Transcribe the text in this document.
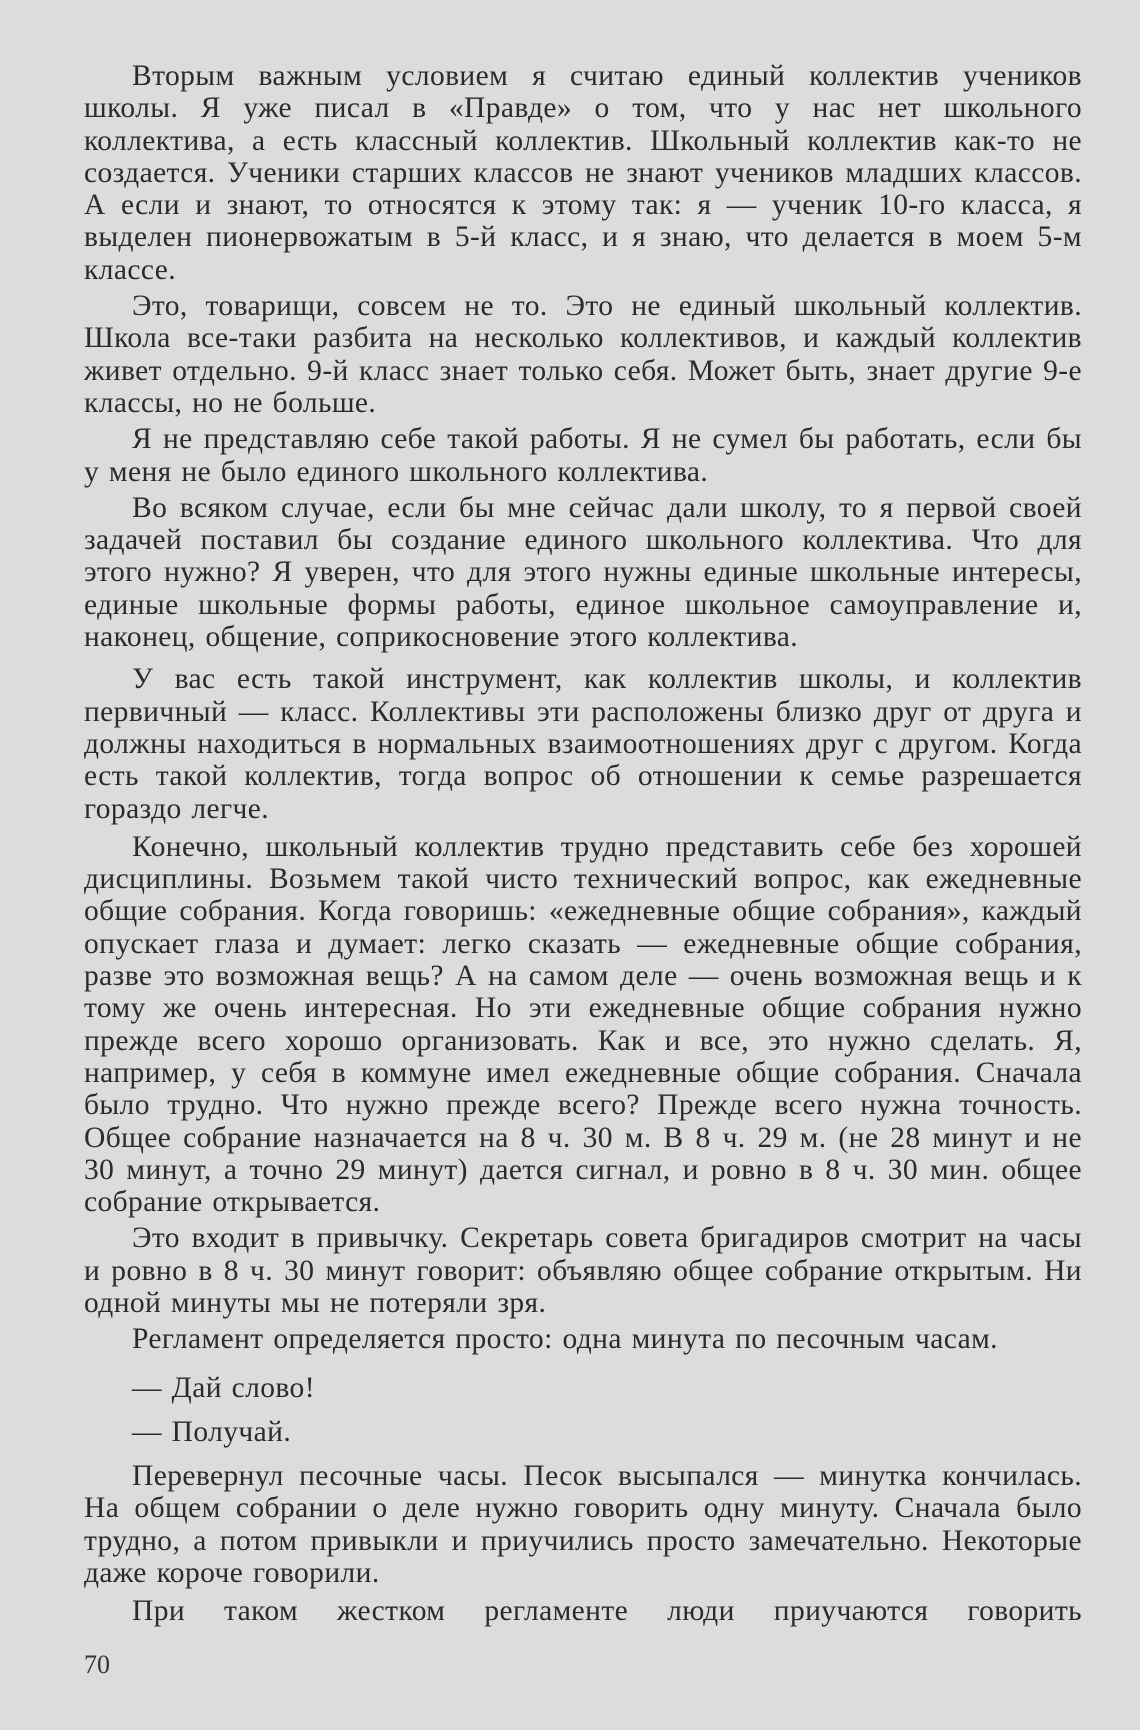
Вторым важным условием я считаю единый коллектив учеников школы. Я уже писал в «Правде» о том, что у нас нет школьного коллектива, а есть классный коллектив. Школьный коллектив как-то не создается. Ученики старших классов не знают учеников младших классов. А если и знают, то относятся к этому так: я — ученик 10-го класса, я выделен пионервожатым в 5-й класс, и я знаю, что делается в моем 5-м классе.

Это, товарищи, совсем не то. Это не единый школьный коллектив. Школа все-таки разбита на несколько коллективов, и каждый коллектив живет отдельно. 9-й класс знает только себя. Может быть, знает другие 9-е классы, но не больше.

Я не представляю себе такой работы. Я не сумел бы работать, если бы у меня не было единого школьного коллектива.

Во всяком случае, если бы мне сейчас дали школу, то я первой своей задачей поставил бы создание единого школьного коллектива. Что для этого нужно? Я уверен, что для этого нужны единые школьные интересы, единые школьные формы работы, единое школьное самоуправление и, наконец, общение, соприкосновение этого коллектива.

У вас есть такой инструмент, как коллектив школы, и коллектив первичный — класс. Коллективы эти расположены близко друг от друга и должны находиться в нормальных взаимоотношениях друг с другом. Когда есть такой коллектив, тогда вопрос об отношении к семье разрешается гораздо легче.

Конечно, школьный коллектив трудно представить себе без хорошей дисциплины. Возьмем такой чисто технический вопрос, как ежедневные общие собрания. Когда говоришь: «ежедневные общие собрания», каждый опускает глаза и думает: легко сказать — ежедневные общие собрания, разве это возможная вещь? А на самом деле — очень возможная вещь и к тому же очень интересная. Но эти ежедневные общие собрания нужно прежде всего хорошо организовать. Как и все, это нужно сделать. Я, например, у себя в коммуне имел ежедневные общие собрания. Сначала было трудно. Что нужно прежде всего? Прежде всего нужна точность. Общее собрание назначается на 8 ч. 30 м. В 8 ч. 29 м. (не 28 минут и не 30 минут, а точно 29 минут) дается сигнал, и ровно в 8 ч. 30 мин. общее собрание открывается.

Это входит в привычку. Секретарь совета бригадиров смотрит на часы и ровно в 8 ч. 30 минут говорит: объявляю общее собрание открытым. Ни одной минуты мы не потеряли зря.

Регламент определяется просто: одна минута по песочным часам.

— Дай слово!

— Получай.

Перевернул песочные часы. Песок высыпался — минутка кончилась. На общем собрании о деле нужно говорить одну минуту. Сначала было трудно, а потом привыкли и приучились просто замечательно. Некоторые даже короче говорили.

При таком жестком регламенте люди приучаются говорить

70
